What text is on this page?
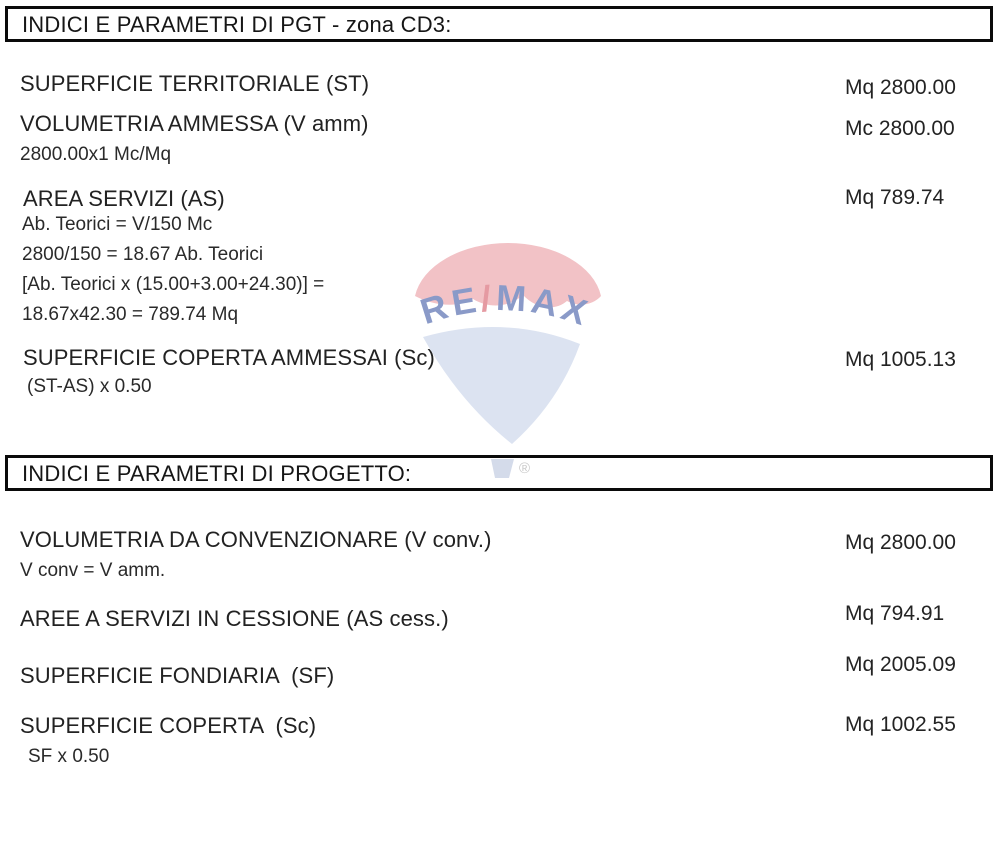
RE/MAX
®
INDICI E PARAMETRI DI PGT - zona CD3:
SUPERFICIE TERRITORIALE (ST)	Mq 2800.00
VOLUMETRIA AMMESSA (V amm)	Mc 2800.00
2800.00x1 Mc/Mq
AREA SERVIZI (AS)	Mq 789.74
Ab. Teorici = V/150 Mc
2800/150 = 18.67 Ab. Teorici
[Ab. Teorici x (15.00+3.00+24.30)] =
18.67x42.30 = 789.74 Mq
SUPERFICIE COPERTA AMMESSAI (Sc)	Mq 1005.13
(ST-AS) x 0.50
INDICI E PARAMETRI DI PROGETTO:
VOLUMETRIA DA CONVENZIONARE (V conv.)	Mq 2800.00
V conv = V amm.
AREE A SERVIZI IN CESSIONE (AS cess.)	Mq 794.91
SUPERFICIE FONDIARIA  (SF)	Mq 2005.09
SUPERFICIE COPERTA  (Sc)	Mq 1002.55
SF x 0.50
